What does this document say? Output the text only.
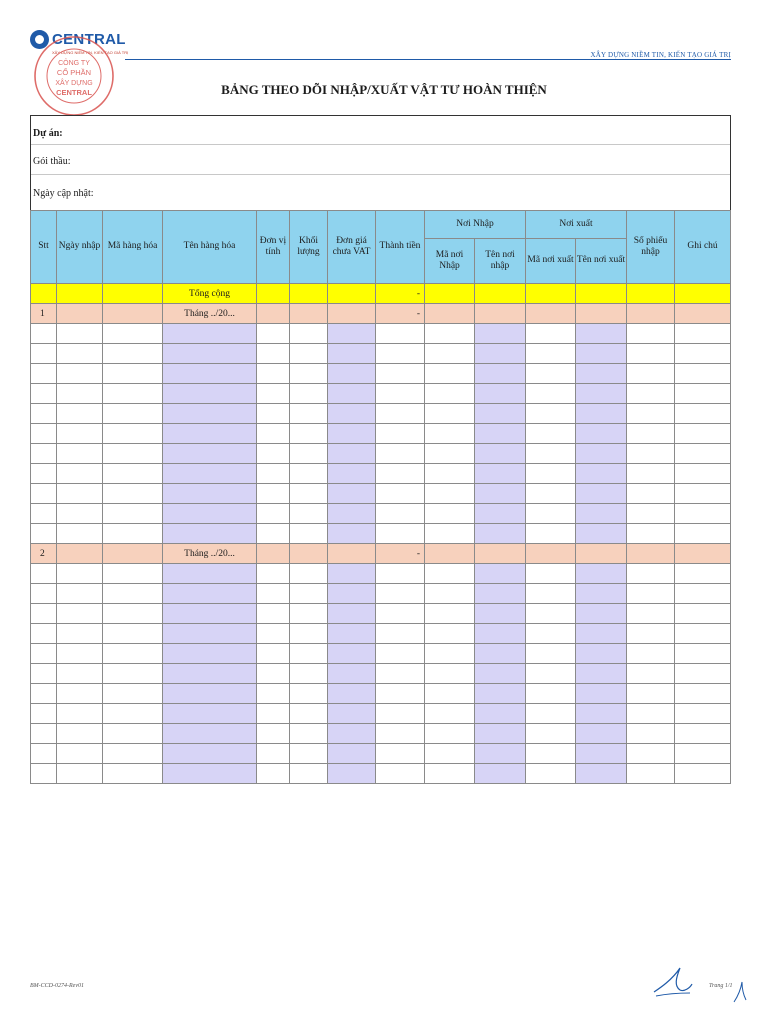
CENTRAL
XÂY DỰNG NIỀM TIN, KIẾN TẠO GIÁ TRỊ
CÔNG TY
CỔ PHẦN
XÂY DỰNG
CENTRAL
XÂY DỰNG NIỀM TIN, KIẾN TẠO GIÁ TRỊ
BẢNG THEO DÕI NHẬP/XUẤT VẬT TƯ HOÀN THIỆN
Dự án:
Gói thầu:
Ngày cập nhật:
Stt	Ngày nhập	Mã hàng hóa	Tên hàng hóa	Đơn vị tính	Khối lượng	Đơn giá chưa VAT	Thành tiền	Nơi Nhập		Nơi xuất		Số phiếu nhập	Ghi chú
								Mã nơi Nhập	Tên nơi nhập	Mã nơi xuất	Tên nơi xuất		
			Tổng cộng				-						
1			Tháng ../20...				-						

2			Tháng ../20...				-						

BM-CCD-0274-Rev01	Trang 1/1
